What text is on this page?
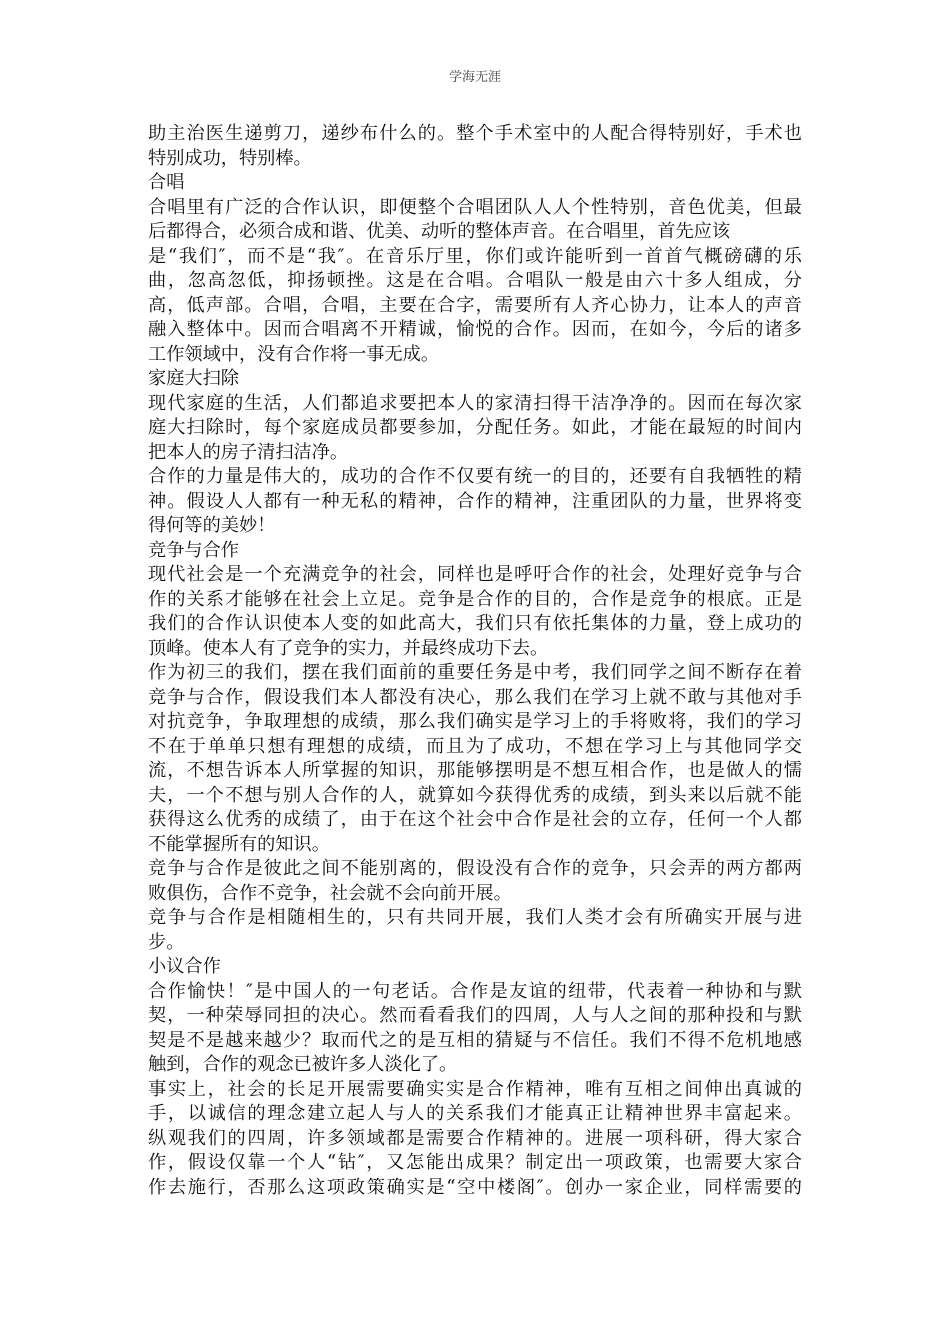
学海无涯
助主治医生递剪刀，递纱布什么的。整个手术室中的人配合得特别好，手术也
特别成功，特别棒。
合唱
合唱里有广泛的合作认识，即便整个合唱团队人人个性特别，音色优美，但最
后都得合，必须合成和谐、优美、动听的整体声音。在合唱里，首先应该
是“我们″，而不是“我″。在音乐厅里，你们或许能听到一首首气概磅礴的乐
曲，忽高忽低，抑扬顿挫。这是在合唱。合唱队一般是由六十多人组成，分
高，低声部。合唱，合唱，主要在合字，需要所有人齐心协力，让本人的声音
融入整体中。因而合唱离不开精诚，愉悦的合作。因而，在如今，今后的诸多
工作领域中，没有合作将一事无成。
家庭大扫除
现代家庭的生活，人们都追求要把本人的家清扫得干洁净净的。因而在每次家
庭大扫除时，每个家庭成员都要参加，分配任务。如此，才能在最短的时间内
把本人的房子清扫洁净。
合作的力量是伟大的，成功的合作不仅要有统一的目的，还要有自我牺牲的精
神。假设人人都有一种无私的精神，合作的精神，注重团队的力量，世界将变
得何等的美妙！
竞争与合作
现代社会是一个充满竞争的社会，同样也是呼吁合作的社会，处理好竞争与合
作的关系才能够在社会上立足。竞争是合作的目的，合作是竞争的根底。正是
我们的合作认识使本人变的如此高大，我们只有依托集体的力量，登上成功的
顶峰。使本人有了竞争的实力，并最终成功下去。
作为初三的我们，摆在我们面前的重要任务是中考，我们同学之间不断存在着
竞争与合作，假设我们本人都没有决心，那么我们在学习上就不敢与其他对手
对抗竞争，争取理想的成绩，那么我们确实是学习上的手将败将，我们的学习
不在于单单只想有理想的成绩，而且为了成功，不想在学习上与其他同学交
流，不想告诉本人所掌握的知识，那能够摆明是不想互相合作，也是做人的懦
夫，一个不想与别人合作的人，就算如今获得优秀的成绩，到头来以后就不能
获得这么优秀的成绩了，由于在这个社会中合作是社会的立存，任何一个人都
不能掌握所有的知识。
竞争与合作是彼此之间不能别离的，假设没有合作的竞争，只会弄的两方都两
败俱伤，合作不竞争，社会就不会向前开展。
竞争与合作是相随相生的，只有共同开展，我们人类才会有所确实开展与进
步。
小议合作
合作愉快！″是中国人的一句老话。合作是友谊的纽带，代表着一种协和与默
契，一种荣辱同担的决心。然而看看我们的四周，人与人之间的那种投和与默
契是不是越来越少？取而代之的是互相的猜疑与不信任。我们不得不危机地感
触到，合作的观念已被许多人淡化了。
事实上，社会的长足开展需要确实实是合作精神，唯有互相之间伸出真诚的
手，以诚信的理念建立起人与人的关系我们才能真正让精神世界丰富起来。
纵观我们的四周，许多领域都是需要合作精神的。进展一项科研，得大家合
作，假设仅靠一个人“钻″，又怎能出成果？制定出一项政策，也需要大家合
作去施行，否那么这项政策确实是“空中楼阁″。创办一家企业，同样需要的
